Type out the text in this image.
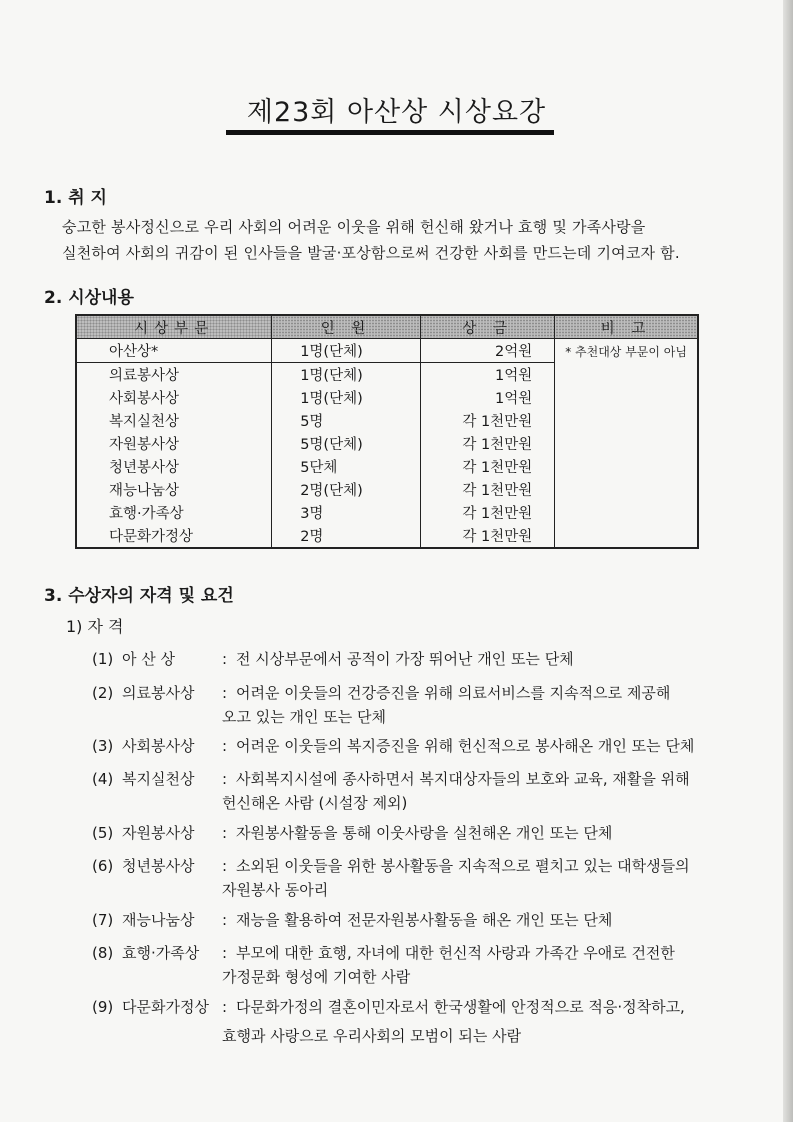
제23회 아산상 시상요강
1. 취 지
숭고한 봉사정신으로 우리 사회의 어려운 이웃을 위해 헌신해 왔거나 효행 및 가족사랑을
실천하여 사회의 귀감이 된 인사들을 발굴·포상함으로써 건강한 사회를 만드는데 기여코자 함.
2. 시상내용
시상부문	인 원	상 금	비 고
아산상*	1명(단체)	2억원	* 추천대상 부문이 아님
의료봉사상	1명(단체)	1억원	
사회봉사상	1명(단체)	1억원	
복지실천상	5명	각 1천만원	
자원봉사상	5명(단체)	각 1천만원	
청년봉사상	5단체	각 1천만원	
재능나눔상	2명(단체)	각 1천만원	
효행·가족상	3명	각 1천만원	
다문화가정상	2명	각 1천만원	
3. 수상자의 자격 및 요건
1) 자 격
(1) 아 산 상	: 전 시상부문에서 공적이 가장 뛰어난 개인 또는 단체
(2) 의료봉사상 : 어려운 이웃들의 건강증진을 위해 의료서비스를 지속적으로 제공해
오고 있는 개인 또는 단체
(3) 사회봉사상 : 어려운 이웃들의 복지증진을 위해 헌신적으로 봉사해온 개인 또는 단체
(4) 복지실천상 : 사회복지시설에 종사하면서 복지대상자들의 보호와 교육, 재활을 위해
헌신해온 사람 (시설장 제외)
(5) 자원봉사상 : 자원봉사활동을 통해 이웃사랑을 실천해온 개인 또는 단체
(6) 청년봉사상 : 소외된 이웃들을 위한 봉사활동을 지속적으로 펼치고 있는 대학생들의
자원봉사 동아리
(7) 재능나눔상 : 재능을 활용하여 전문자원봉사활동을 해온 개인 또는 단체
(8) 효행·가족상 : 부모에 대한 효행, 자녀에 대한 헌신적 사랑과 가족간 우애로 건전한
가정문화 형성에 기여한 사람
(9) 다문화가정상 : 다문화가정의 결혼이민자로서 한국생활에 안정적으로 적응·정착하고,
효행과 사랑으로 우리사회의 모범이 되는 사람
